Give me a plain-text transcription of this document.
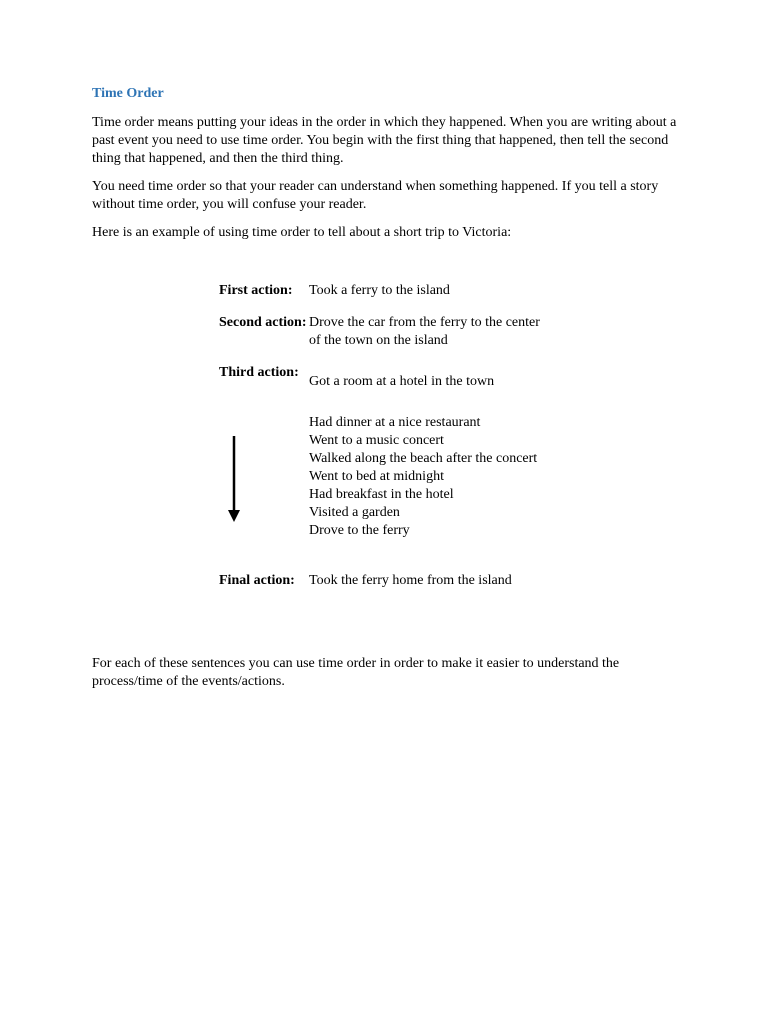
Time Order

Time order means putting your ideas in the order in which they happened. When you are writing about a past event you need to use time order. You begin with the first thing that happened, then tell the second thing that happened, and then the third thing.

You need time order so that your reader can understand when something happened. If you tell a story without time order, you will confuse your reader.

Here is an example of using time order to tell about a short trip to Victoria:

First action:	Took a ferry to the island
Second action: Drove the car from the ferry to the center of the town on the island
Third action:
Got a room at a hotel in the town
Had dinner at a nice restaurant
Went to a music concert
Walked along the beach after the concert
Went to bed at midnight
Had breakfast in the hotel
Visited a garden
Drove to the ferry
Final action:	Took the ferry home from the island

For each of these sentences you can use time order in order to make it easier to understand the process/time of the events/actions.
